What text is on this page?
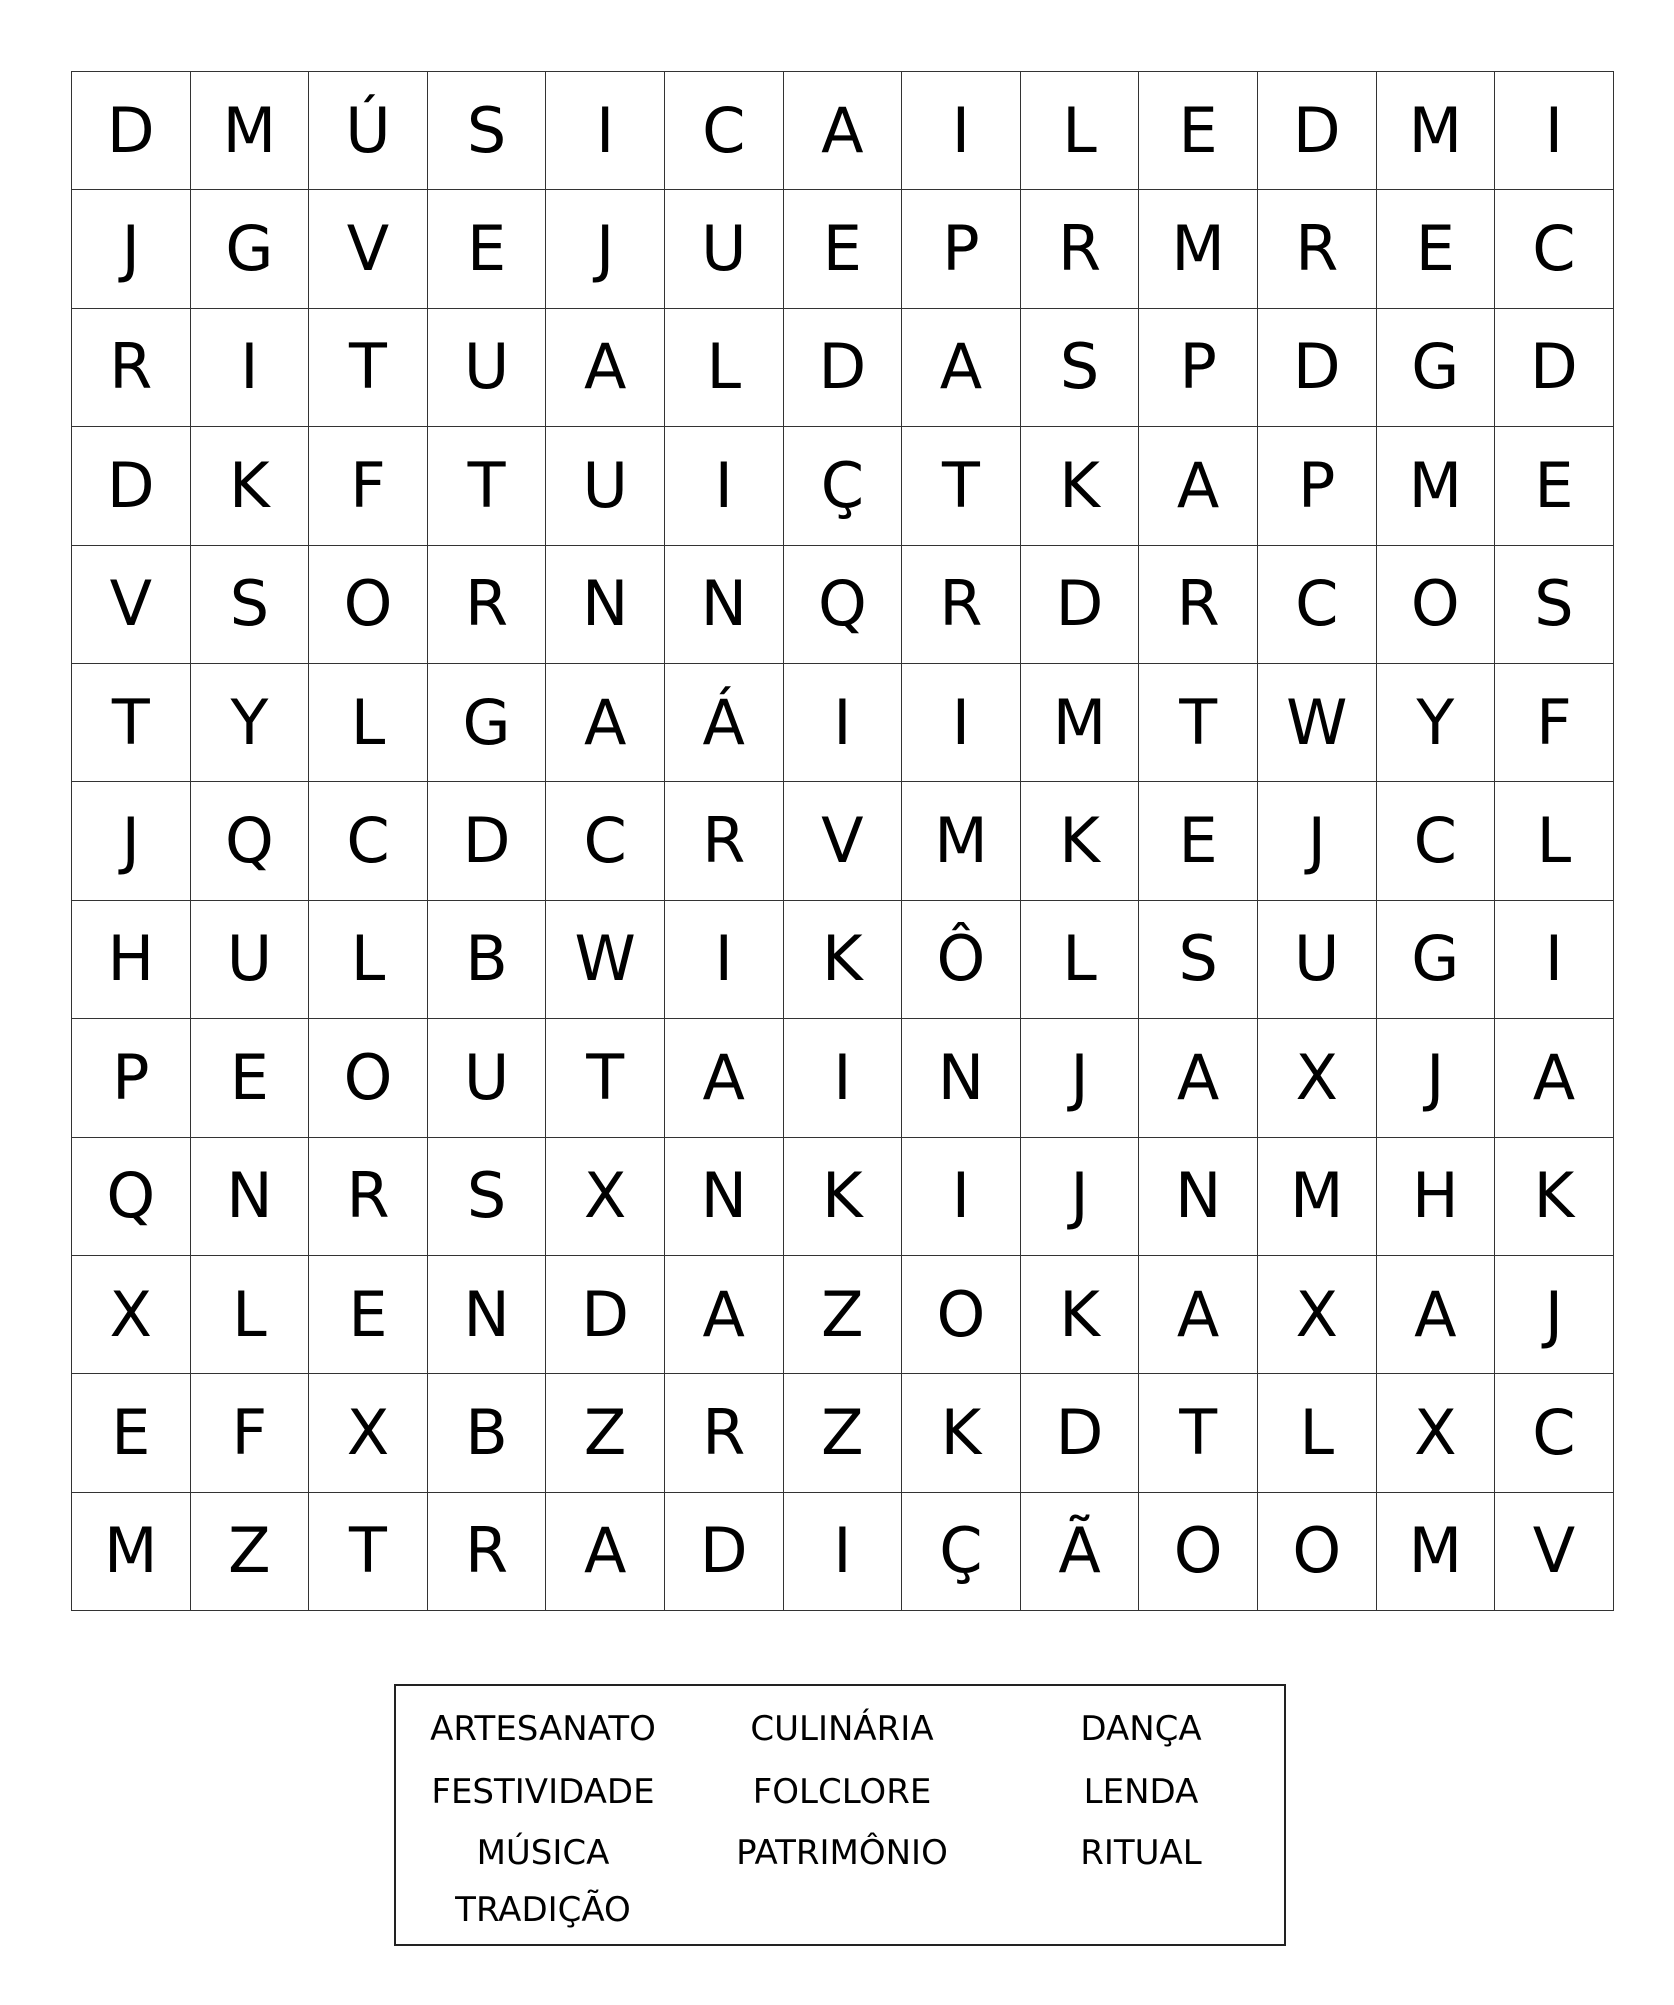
D	M	Ú	S	I	C	A	I	L	E	D	M	I
J	G	V	E	J	U	E	P	R	M	R	E	C
R	I	T	U	A	L	D	A	S	P	D	G	D
D	K	F	T	U	I	Ç	T	K	A	P	M	E
V	S	O	R	N	N	Q	R	D	R	C	O	S
T	Y	L	G	A	Á	I	I	M	T	W	Y	F
J	Q	C	D	C	R	V	M	K	E	J	C	L
H	U	L	B	W	I	K	Ô	L	S	U	G	I
P	E	O	U	T	A	I	N	J	A	X	J	A
Q	N	R	S	X	N	K	I	J	N	M	H	K
X	L	E	N	D	A	Z	O	K	A	X	A	J
E	F	X	B	Z	R	Z	K	D	T	L	X	C
M	Z	T	R	A	D	I	Ç	Ã	O	O	M	V
ARTESANATO	CULINÁRIA	DANÇA
FESTIVIDADE	FOLCLORE	LENDA
MÚSICA	PATRIMÔNIO	RITUAL
TRADIÇÃO
